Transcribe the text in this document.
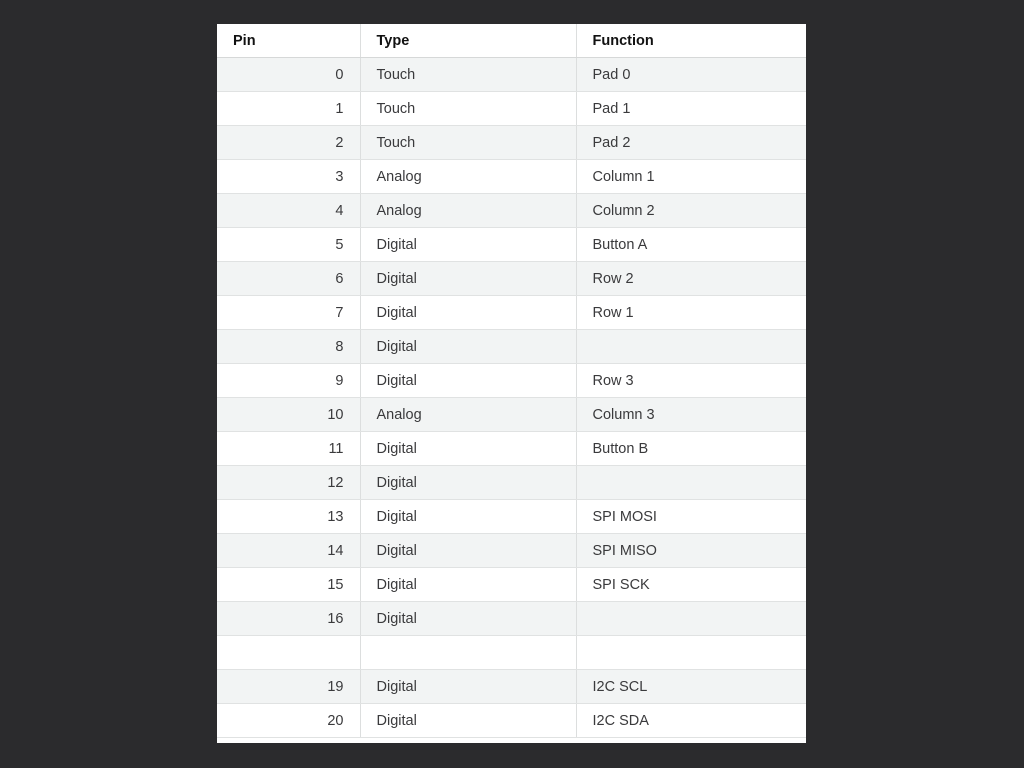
Pin	Type	Function
0	Touch	Pad 0
1	Touch	Pad 1
2	Touch	Pad 2
3	Analog	Column 1
4	Analog	Column 2
5	Digital	Button A
6	Digital	Row 2
7	Digital	Row 1
8	Digital	
9	Digital	Row 3
10	Analog	Column 3
11	Digital	Button B
12	Digital	
13	Digital	SPI MOSI
14	Digital	SPI MISO
15	Digital	SPI SCK
16	Digital	

19	Digital	I2C SCL
20	Digital	I2C SDA
